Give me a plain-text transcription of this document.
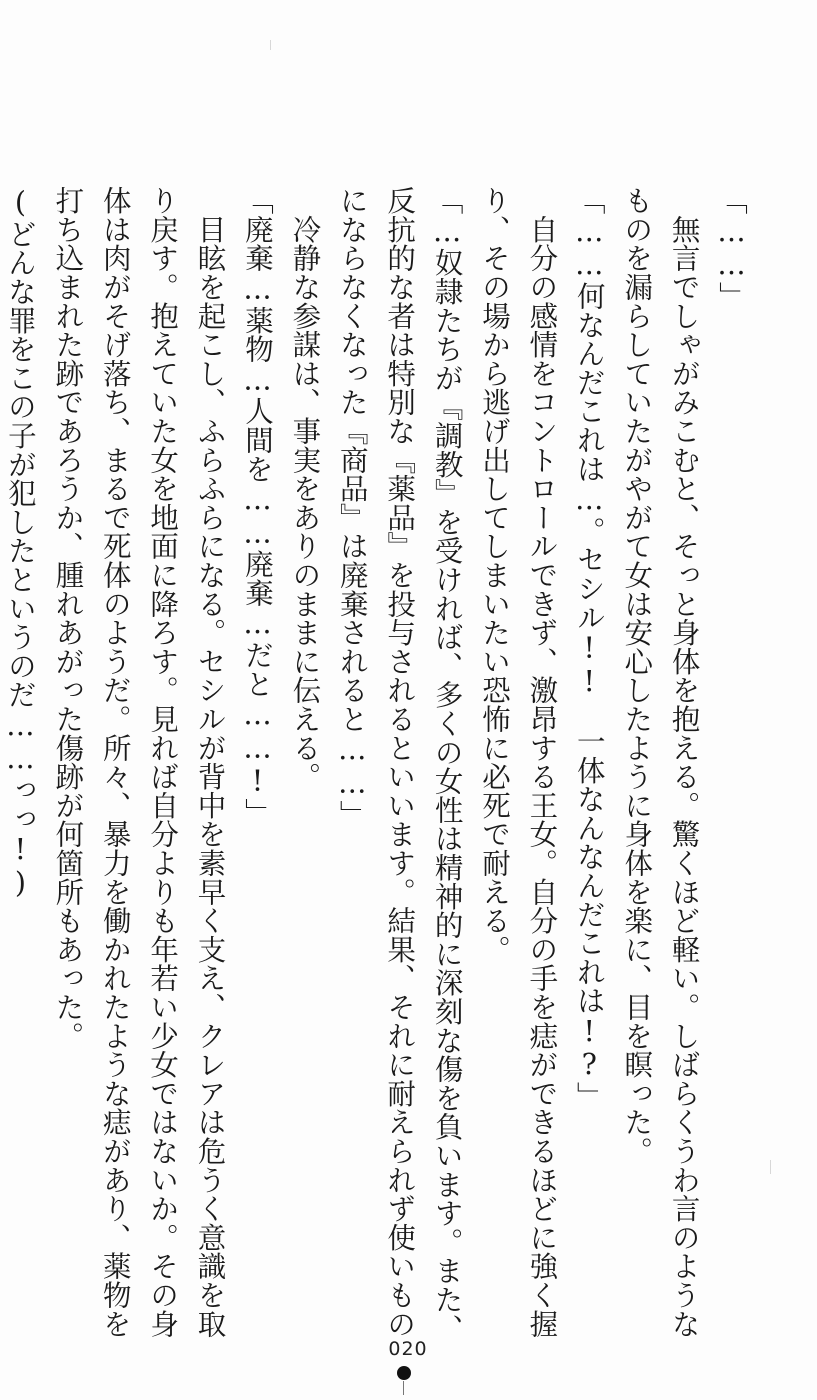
「……」
　無言でしゃがみこむと、そっと身体を抱える。驚くほど軽い。しばらくうわ言のような
ものを漏らしていたがやがて女は安心したように身体を楽に、目を瞑った。
「……何なんだこれは…。セシル!!　一体なんなんだこれは!?」
　自分の感情をコントロールできず、激昂する王女。自分の手を痣ができるほどに強く握
り、その場から逃げ出してしまいたい恐怖に必死で耐える。
「…奴隷たちが『調教』を受ければ、多くの女性は精神的に深刻な傷を負います。また、
反抗的な者は特別な『薬品』を投与されるといいます。結果、それに耐えられず使いもの
にならなくなった『商品』は廃棄されると……」
　冷静な参謀は、事実をありのままに伝える。
「廃棄…薬物…人間を……廃棄…だと……!」
　目眩を起こし、ふらふらになる。セシルが背中を素早く支え、クレアは危うく意識を取
り戻す。抱えていた女を地面に降ろす。見れば自分よりも年若い少女ではないか。その身
体は肉がそげ落ち、まるで死体のようだ。所々、暴力を働かれたような痣があり、薬物を
打ち込まれた跡であろうか、腫れあがった傷跡が何箇所もあった。
(どんな罪をこの子が犯したというのだ……っっ!)
020
